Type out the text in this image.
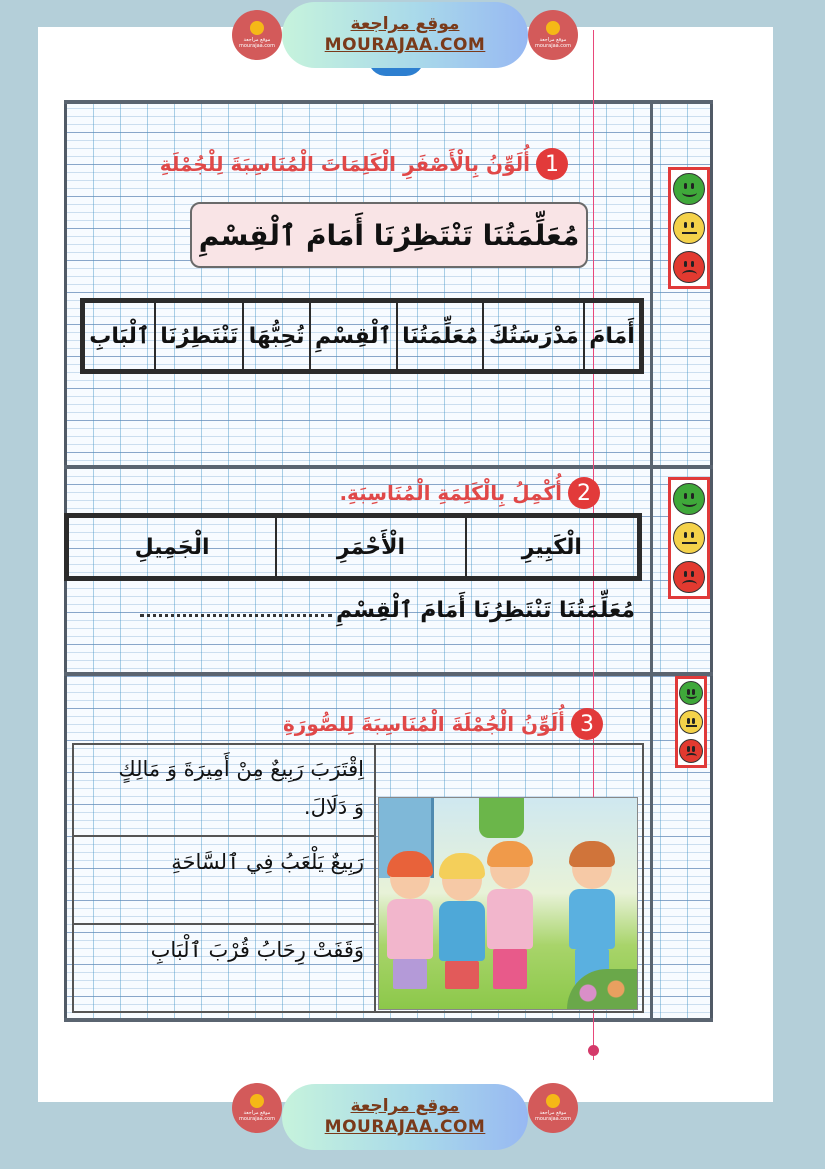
موقع مراجعة
mourajaa.com
موقع مراجعة
MOURAJAA.COM	موقع مراجعة
mourajaa.com
1
أُلَوِّنُ بِالْأَصْفَرِ الْكَلِمَاتَ الْمُنَاسِبَةَ لِلْجُمْلَةِ
مُعَلِّمَتُنَا تَنْتَظِرُنَا أَمَامَ ٱلْقِسْمِ
أَمَامَ	مَدْرَسَتُكَ	مُعَلِّمَتُنَا	ٱلْقِسْمِ	تُحِبُّهَا	تَنْتَظِرُنَا	ٱلْبَابِ
2
أُكْمِلُ بِالْكَلِمَةِ الْمُنَاسِبَةِ.
الْكَبِيرِ	الْأَحْمَرِ	الْجَمِيلِ
مُعَلِّمَتُنَا تَنْتَظِرُنَا أَمَامَ ٱلْقِسْمِ
3
أُلَوِّنُ الْجُمْلَةَ الْمُنَاسِبَةَ لِلصُّورَةِ
اِقْتَرَبَ رَبِيعٌ مِنْ أَمِيرَةَ وَ مَالِكٍ
وَ دَلَالَ.
رَبِيعٌ يَلْعَبُ فِي ٱلسَّاحَةِ
وَقَفَتْ رِحَابُ قُرْبَ ٱلْبَابِ
موقع مراجعة
mourajaa.com
موقع مراجعة
MOURAJAA.COM
موقع مراجعة
mourajaa.com
